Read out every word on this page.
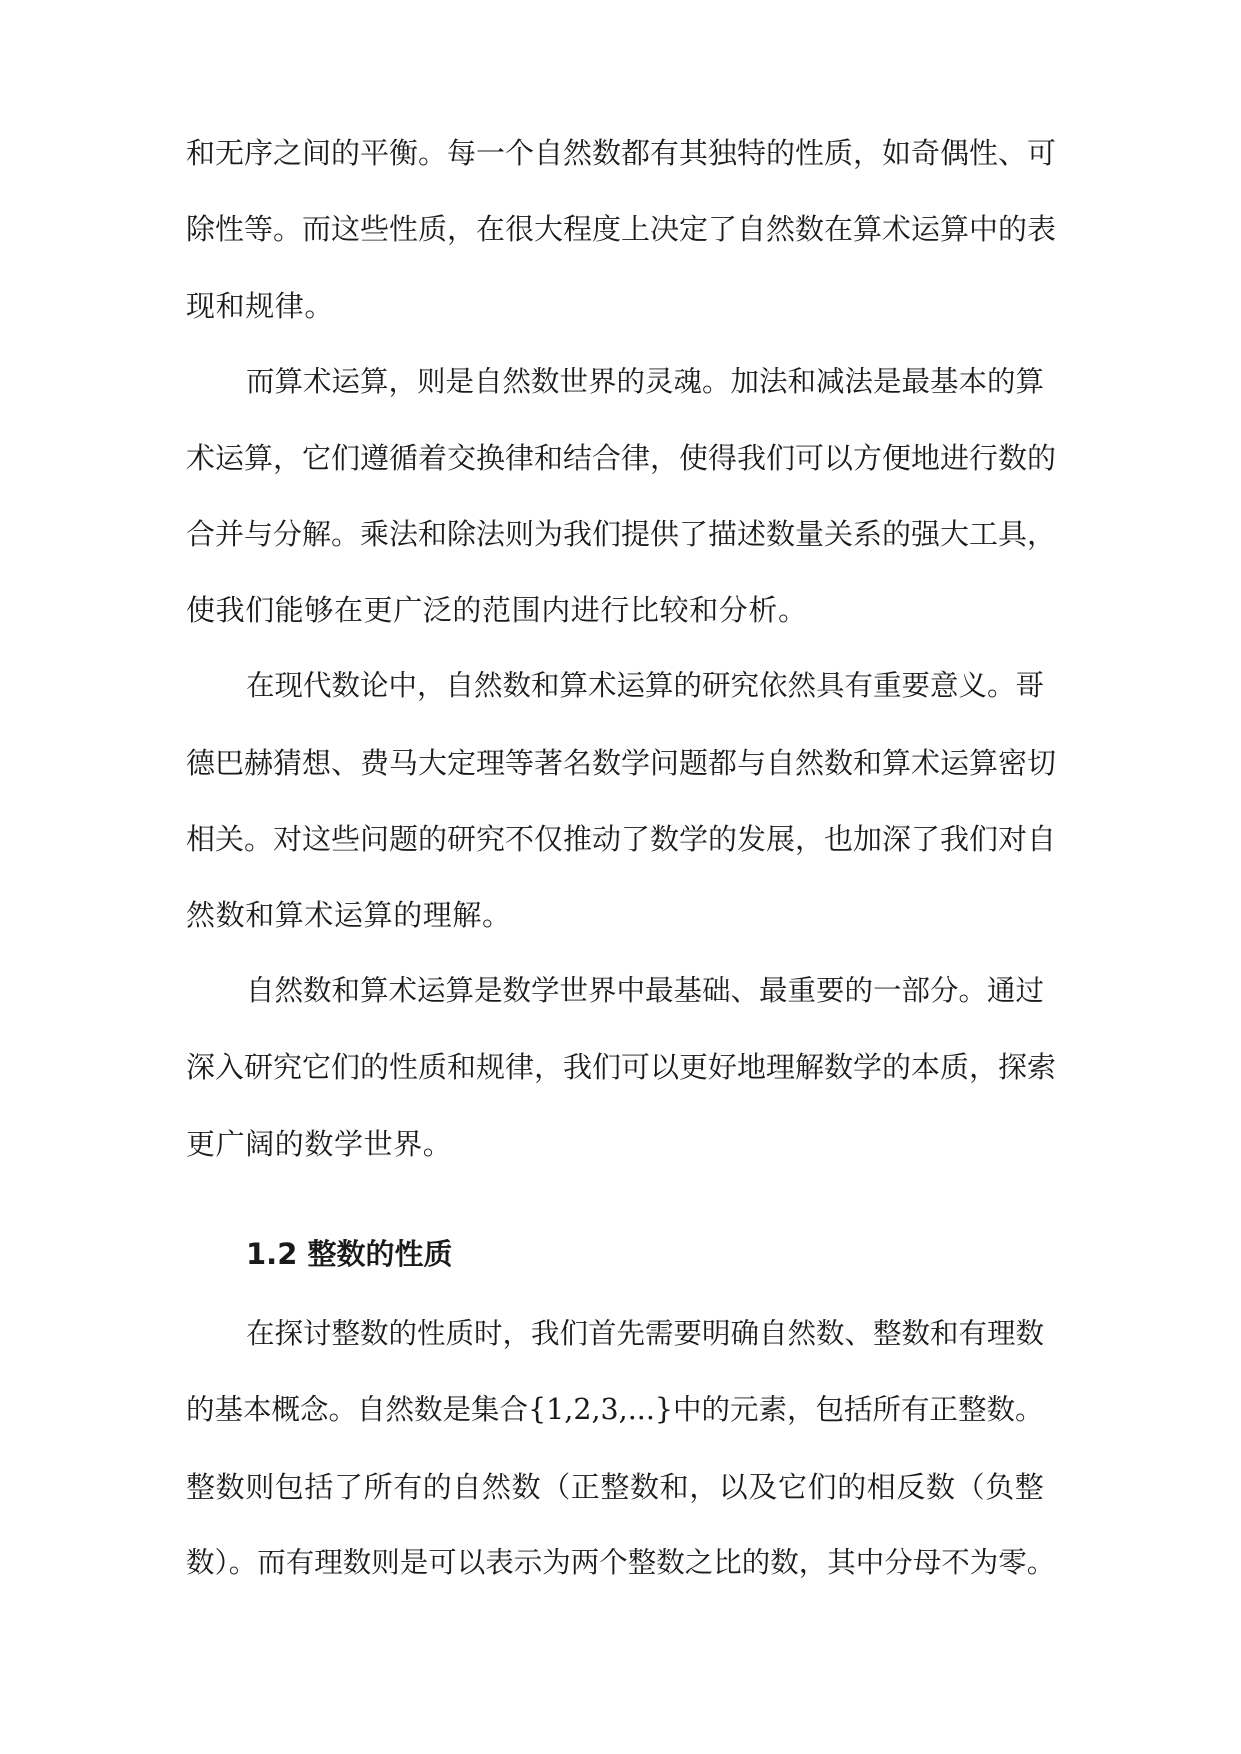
和无序之间的平衡。每一个自然数都有其独特的性质，如奇偶性、可
除性等。而这些性质，在很大程度上决定了自然数在算术运算中的表
现和规律。
而算术运算，则是自然数世界的灵魂。加法和减法是最基本的算
术运算，它们遵循着交换律和结合律，使得我们可以方便地进行数的
合并与分解。乘法和除法则为我们提供了描述数量关系的强大工具，
使我们能够在更广泛的范围内进行比较和分析。
在现代数论中，自然数和算术运算的研究依然具有重要意义。哥
德巴赫猜想、费马大定理等著名数学问题都与自然数和算术运算密切
相关。对这些问题的研究不仅推动了数学的发展，也加深了我们对自
然数和算术运算的理解。
自然数和算术运算是数学世界中最基础、最重要的一部分。通过
深入研究它们的性质和规律，我们可以更好地理解数学的本质，探索
更广阔的数学世界。
1.2 整数的性质
在探讨整数的性质时，我们首先需要明确自然数、整数和有理数
的基本概念。自然数是集合{1,2,3,...}中的元素，包括所有正整数。
整数则包括了所有的自然数（正整数和，以及它们的相反数（负整
数）。而有理数则是可以表示为两个整数之比的数，其中分母不为零。
